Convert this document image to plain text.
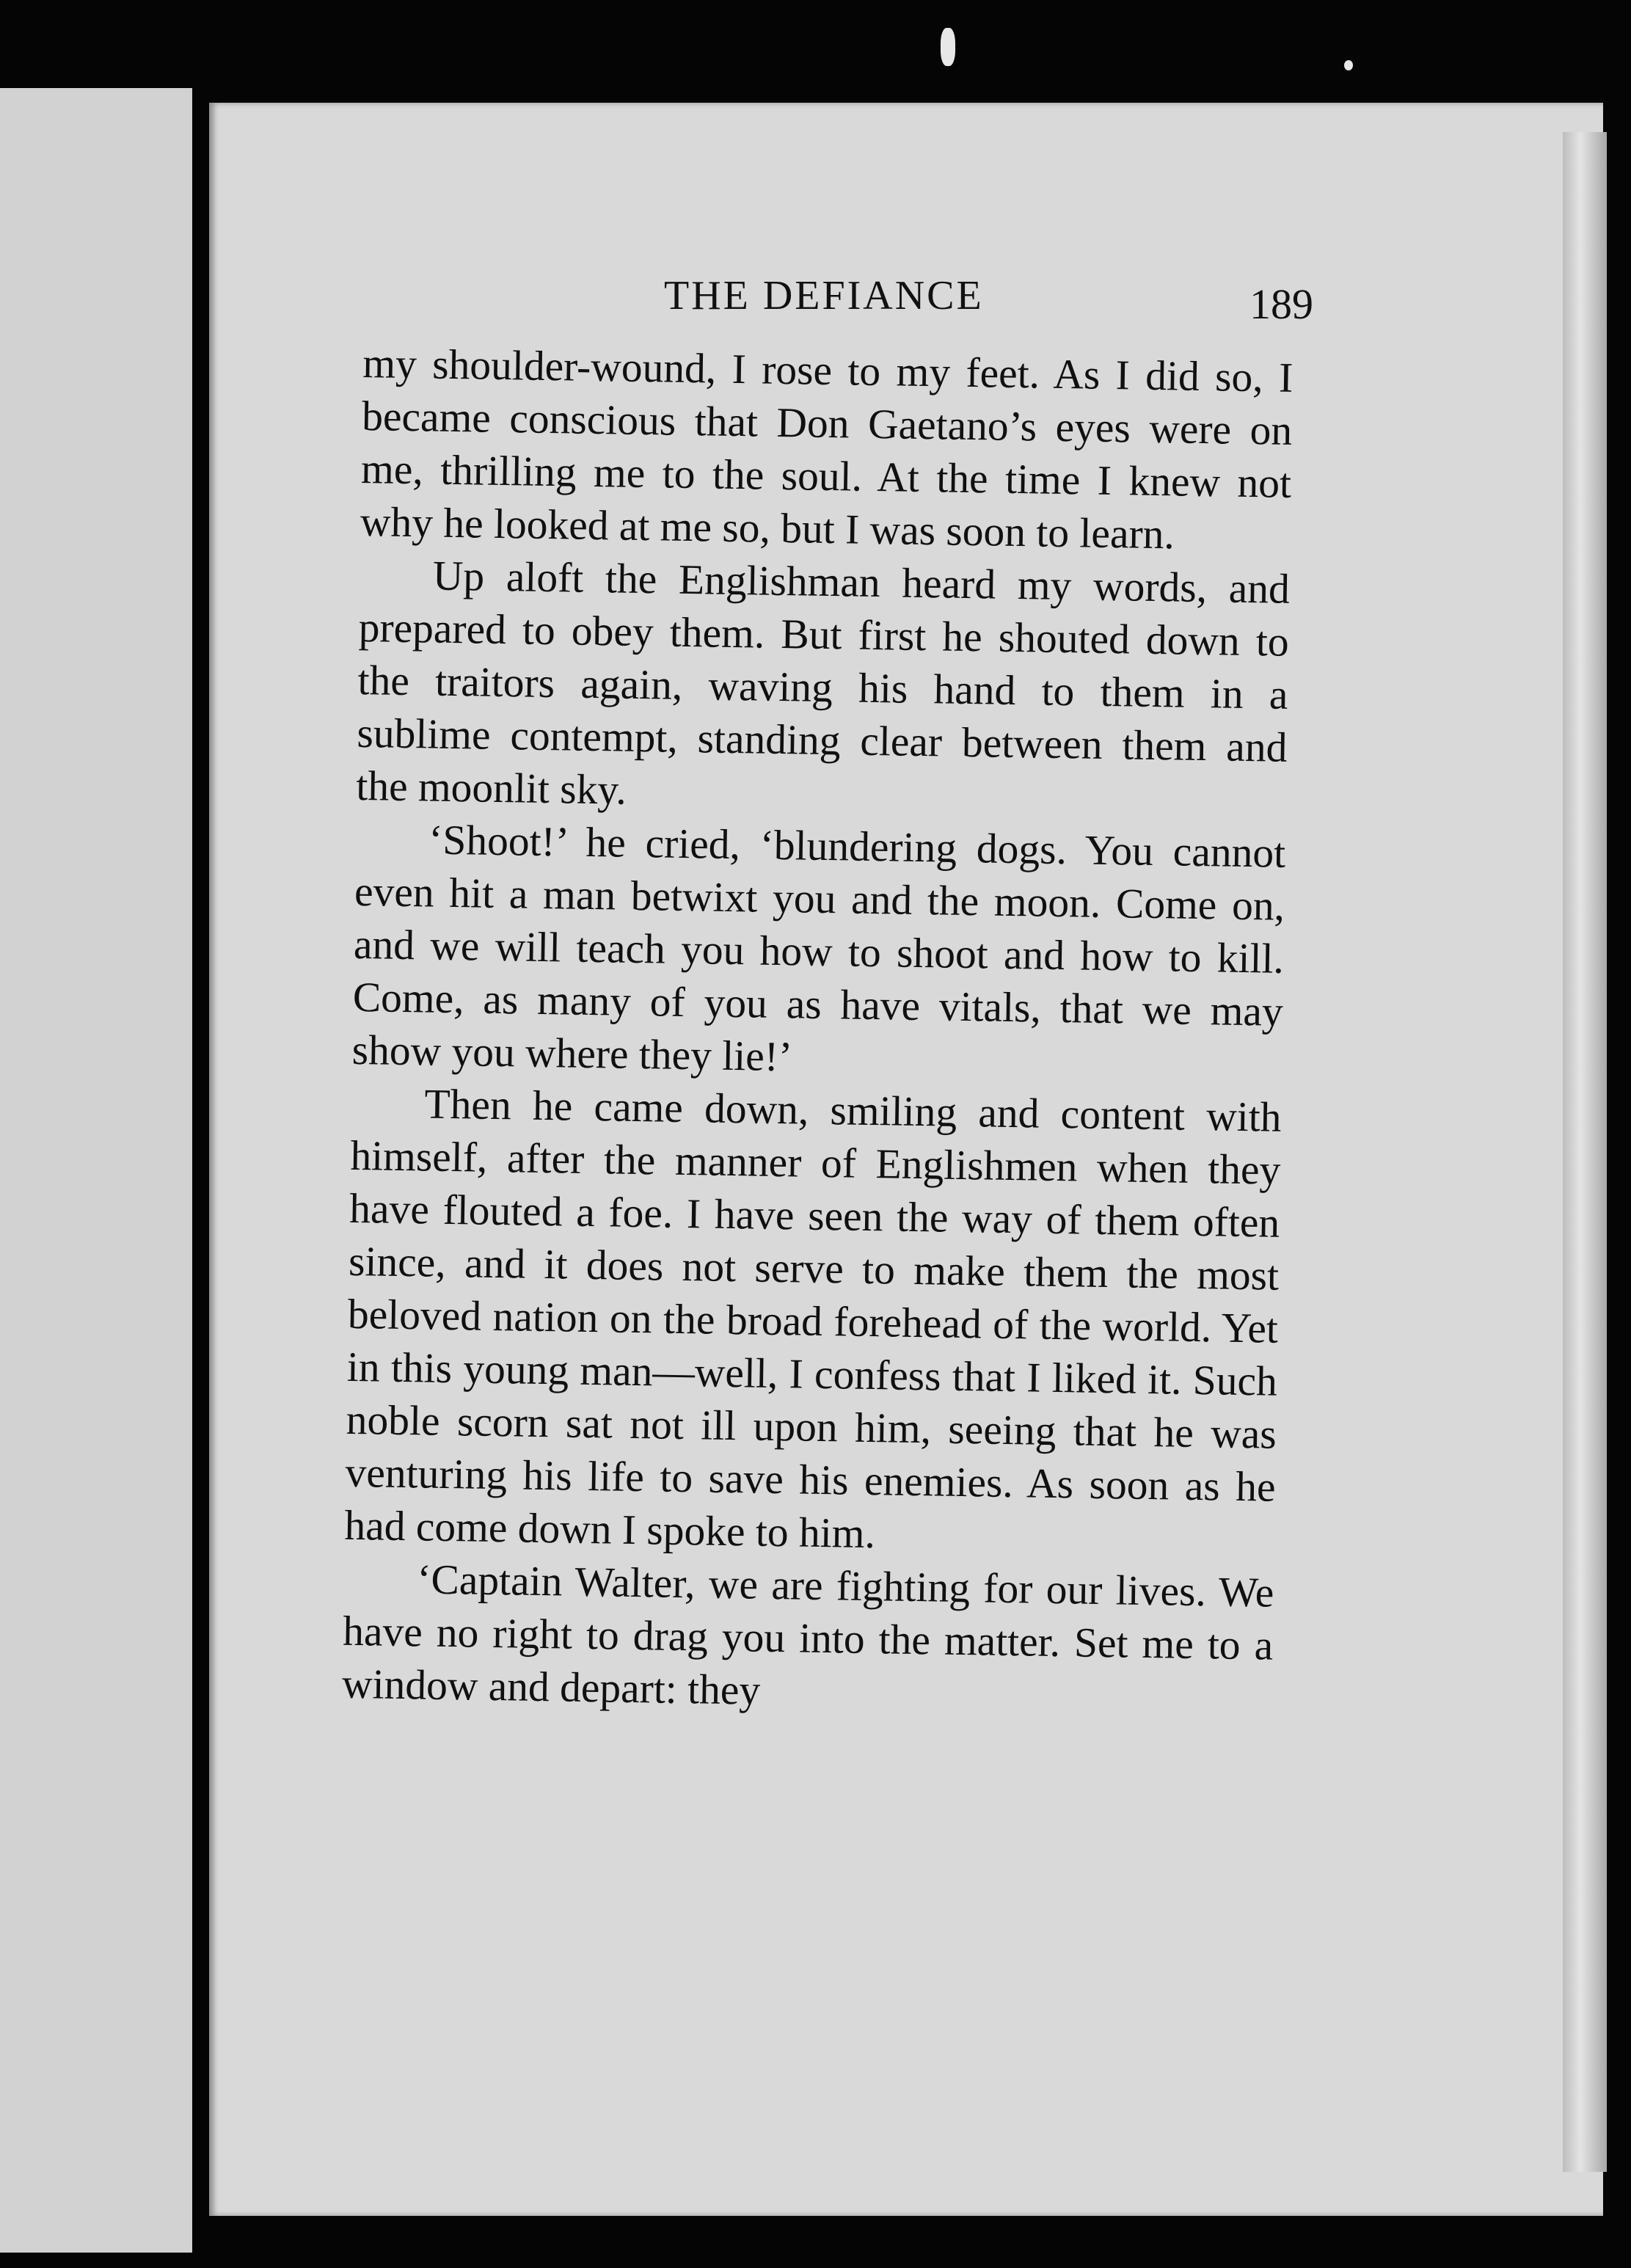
THE DEFIANCE	189

my shoulder-wound, I rose to my feet. As I did so, I became conscious that Don Gaetano’s eyes were on me, thrilling me to the soul. At the time I knew not why he looked at me so, but I was soon to learn.

Up aloft the Englishman heard my words, and prepared to obey them. But first he shouted down to the traitors again, waving his hand to them in a sublime contempt, standing clear between them and the moonlit sky.

‘Shoot!’ he cried, ‘blundering dogs. You cannot even hit a man betwixt you and the moon. Come on, and we will teach you how to shoot and how to kill. Come, as many of you as have vitals, that we may show you where they lie!’

Then he came down, smiling and content with himself, after the manner of Englishmen when they have flouted a foe. I have seen the way of them often since, and it does not serve to make them the most beloved nation on the broad forehead of the world. Yet in this young man—well, I confess that I liked it. Such noble scorn sat not ill upon him, seeing that he was venturing his life to save his enemies. As soon as he had come down I spoke to him.

‘Captain Walter, we are fighting for our lives. We have no right to drag you into the matter. Set me to a window and depart: they
